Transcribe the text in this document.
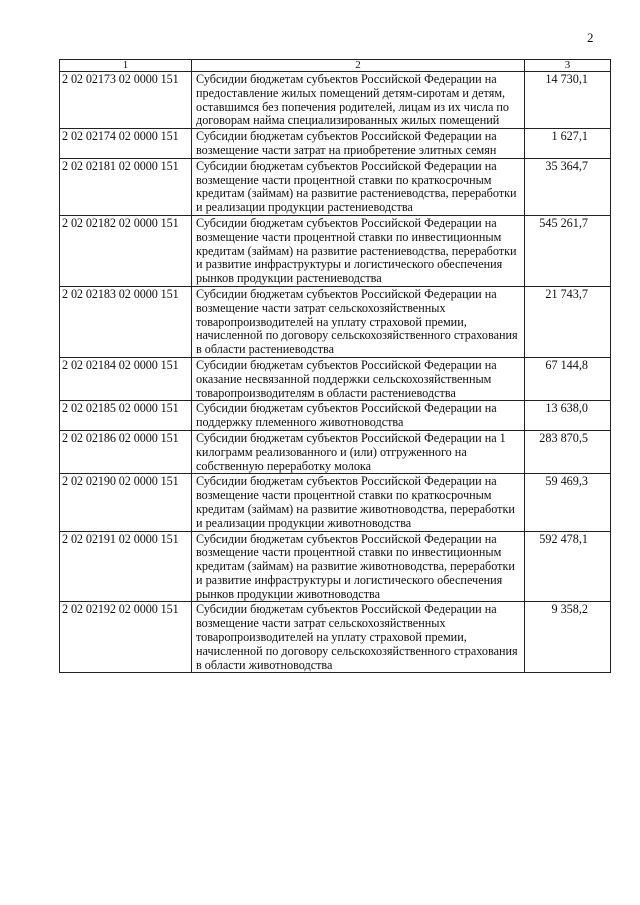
2
1	2	3
2 02 02173 02 0000 151	Субсидии бюджетам субъектов Российской Федерации на предоставление жилых помещений детям-сиротам и детям, оставшимся без попечения родителей, лицам из их числа по договорам найма специализированных жилых помещений	14 730,1
2 02 02174 02 0000 151	Субсидии бюджетам субъектов Российской Федерации на возмещение части затрат на приобретение элитных семян	1 627,1
2 02 02181 02 0000 151	Субсидии бюджетам субъектов Российской Федерации на возмещение части процентной ставки по краткосрочным кредитам (займам) на развитие растениеводства, переработки и реализации продукции растениеводства	35 364,7
2 02 02182 02 0000 151	Субсидии бюджетам субъектов Российской Федерации на возмещение части процентной ставки по инвестиционным кредитам (займам) на развитие растениеводства, переработки и развитие инфраструктуры и логистического обеспечения рынков продукции растениеводства	545 261,7
2 02 02183 02 0000 151	Субсидии бюджетам субъектов Российской Федерации на возмещение части затрат сельскохозяйственных товаропроизводителей на уплату страховой премии, начисленной по договору сельскохозяйственного страхования в области растениеводства	21 743,7
2 02 02184 02 0000 151	Субсидии бюджетам субъектов Российской Федерации на оказание несвязанной поддержки сельскохозяйственным товаропроизводителям в области растениеводства	67 144,8
2 02 02185 02 0000 151	Субсидии бюджетам субъектов Российской Федерации на поддержку племенного животноводства	13 638,0
2 02 02186 02 0000 151	Субсидии бюджетам субъектов Российской Федерации на 1 килограмм реализованного и (или) отгруженного на собственную переработку молока	283 870,5
2 02 02190 02 0000 151	Субсидии бюджетам субъектов Российской Федерации на возмещение части процентной ставки по краткосрочным кредитам (займам) на развитие животноводства, переработки и реализации продукции животноводства	59 469,3
2 02 02191 02 0000 151	Субсидии бюджетам субъектов Российской Федерации на возмещение части процентной ставки по инвестиционным кредитам (займам) на развитие животноводства, переработки и развитие инфраструктуры и логистического обеспечения рынков продукции животноводства	592 478,1
2 02 02192 02 0000 151	Субсидии бюджетам субъектов Российской Федерации на возмещение части затрат сельскохозяйственных товаропроизводителей на уплату страховой премии, начисленной по договору сельскохозяйственного страхования в области животноводства	9 358,2
